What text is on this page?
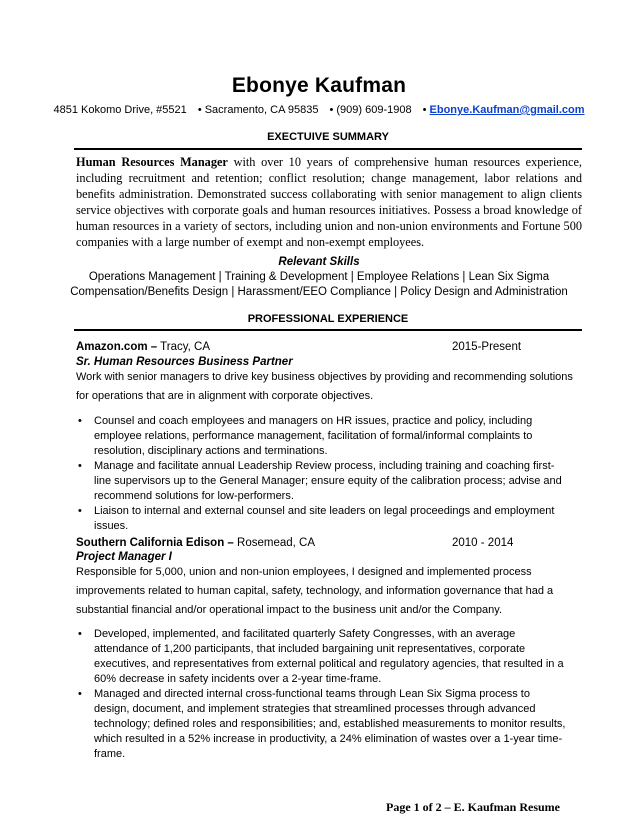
Ebonye Kaufman
4851 Kokomo Drive, #5521 • Sacramento, CA 95835 • (909) 609-1908 • Ebonye.Kaufman@gmail.com
EXECTUIVE SUMMARY
Human Resources Manager with over 10 years of comprehensive human resources experience, including recruitment and retention; conflict resolution; change management, labor relations and benefits administration. Demonstrated success collaborating with senior management to align clients service objectives with corporate goals and human resources initiatives. Possess a broad knowledge of human resources in a variety of sectors, including union and non-union environments and Fortune 500 companies with a large number of exempt and non-exempt employees.
Relevant Skills
Operations Management | Training & Development | Employee Relations | Lean Six Sigma
Compensation/Benefits Design | Harassment/EEO Compliance | Policy Design and Administration
PROFESSIONAL EXPERIENCE
Amazon.com – Tracy, CA	2015-Present
Sr. Human Resources Business Partner
Work with senior managers to drive key business objectives by providing and recommending solutions for operations that are in alignment with corporate objectives.
• Counsel and coach employees and managers on HR issues, practice and policy, including employee relations, performance management, facilitation of formal/informal complaints to resolution, disciplinary actions and terminations.
• Manage and facilitate annual Leadership Review process, including training and coaching first-line supervisors up to the General Manager; ensure equity of the calibration process; advise and recommend solutions for low-performers.
• Liaison to internal and external counsel and site leaders on legal proceedings and employment issues.
Southern California Edison – Rosemead, CA	2010 - 2014
Project Manager I
Responsible for 5,000, union and non-union employees, I designed and implemented process improvements related to human capital, safety, technology, and information governance that had a substantial financial and/or operational impact to the business unit and/or the Company.
• Developed, implemented, and facilitated quarterly Safety Congresses, with an average attendance of 1,200 participants, that included bargaining unit representatives, corporate executives, and representatives from external political and regulatory agencies, that resulted in a 60% decrease in safety incidents over a 2-year time-frame.
• Managed and directed internal cross-functional teams through Lean Six Sigma process to design, document, and implement strategies that streamlined processes through advanced technology; defined roles and responsibilities; and, established measurements to monitor results, which resulted in a 52% increase in productivity, a 24% elimination of wastes over a 1-year time-frame.
Page 1 of 2 – E. Kaufman Resume
